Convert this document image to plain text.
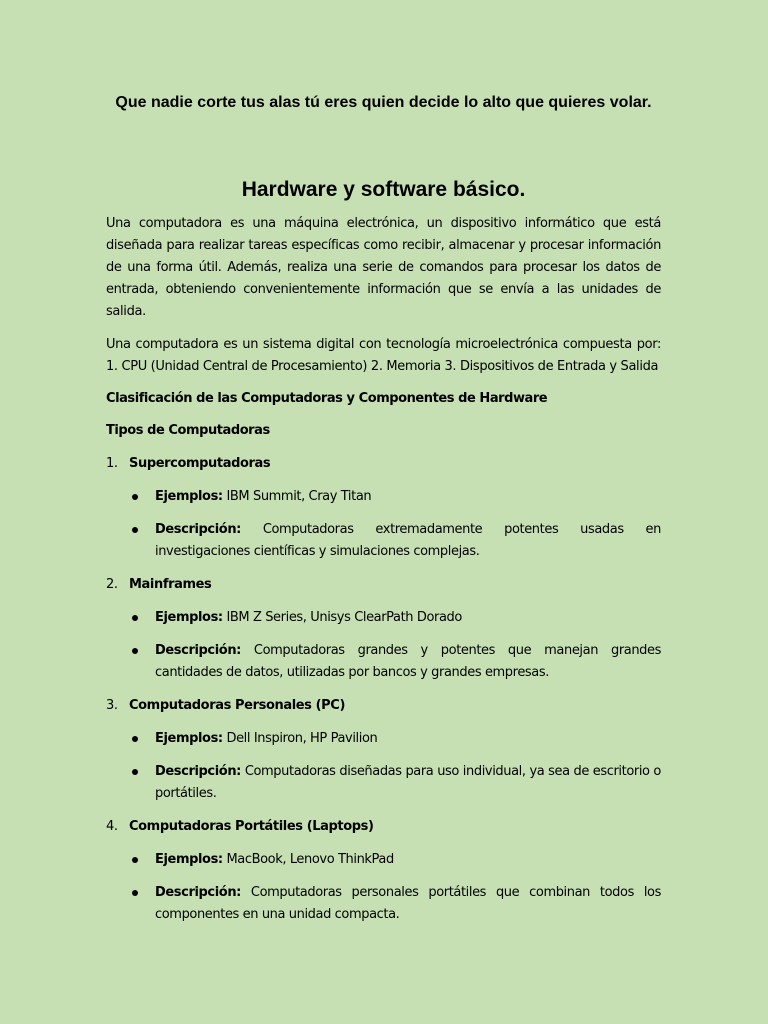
Que nadie corte tus alas tú eres quien decide lo alto que quieres volar.

Hardware y software básico.

Una computadora es una máquina electrónica, un dispositivo informático que está diseñada para realizar tareas específicas como recibir, almacenar y procesar información de una forma útil. Además, realiza una serie de comandos para procesar los datos de entrada, obteniendo convenientemente información que se envía a las unidades de salida.

Una computadora es un sistema digital con tecnología microelectrónica compuesta por: 1. CPU (Unidad Central de Procesamiento) 2. Memoria 3. Dispositivos de Entrada y Salida

Clasificación de las Computadoras y Componentes de Hardware

Tipos de Computadoras

1. Supercomputadoras
Ejemplos: IBM Summit, Cray Titan
Descripción: Computadoras extremadamente potentes usadas en investigaciones científicas y simulaciones complejas.
2. Mainframes
Ejemplos: IBM Z Series, Unisys ClearPath Dorado
Descripción: Computadoras grandes y potentes que manejan grandes cantidades de datos, utilizadas por bancos y grandes empresas.
3. Computadoras Personales (PC)
Ejemplos: Dell Inspiron, HP Pavilion
Descripción: Computadoras diseñadas para uso individual, ya sea de escritorio o portátiles.
4. Computadoras Portátiles (Laptops)
Ejemplos: MacBook, Lenovo ThinkPad
Descripción: Computadoras personales portátiles que combinan todos los componentes en una unidad compacta.
